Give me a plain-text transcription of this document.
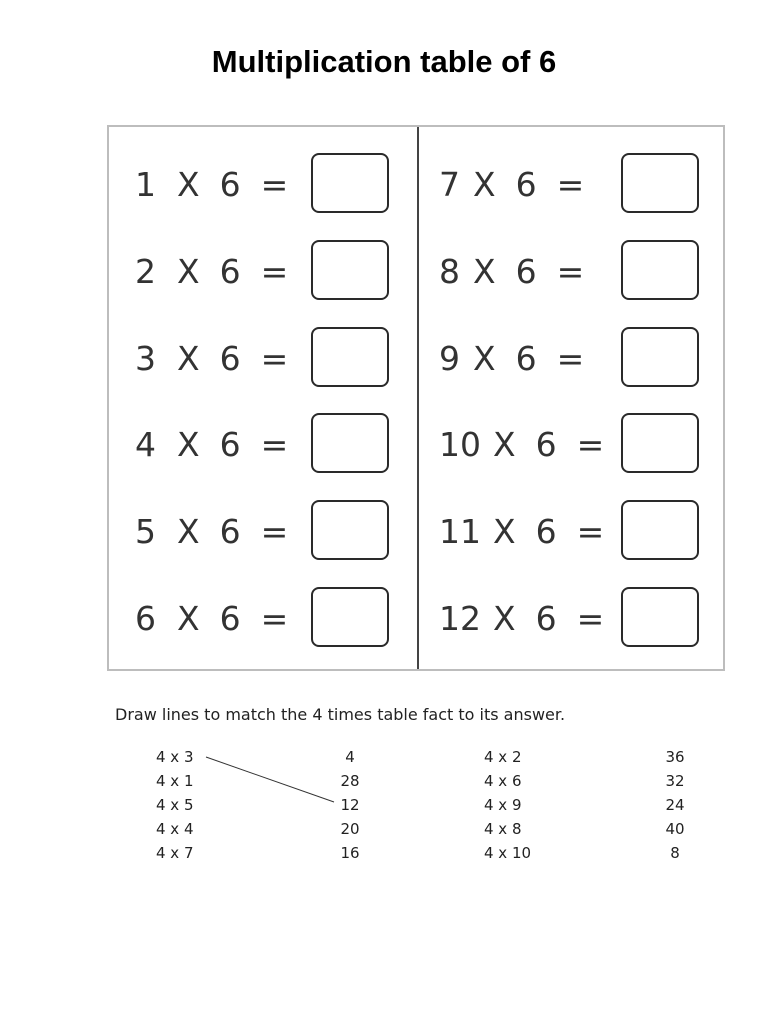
Multiplication table of 6
1 X 6 =
2 X 6 =
3 X 6 =
4 X 6 =
5 X 6 =
6 X 6 =
7 X 6 =
8 X 6 =
9 X 6 =
10 X 6 =
11 X 6 =
12 X 6 =
Draw lines to match the 4 times table fact to its answer.
4 x 3
4 x 1
4 x 5
4 x 4
4 x 7
4
28
12
20
16
4 x 2
4 x 6
4 x 9
4 x 8
4 x 10
36
32
24
40
8
